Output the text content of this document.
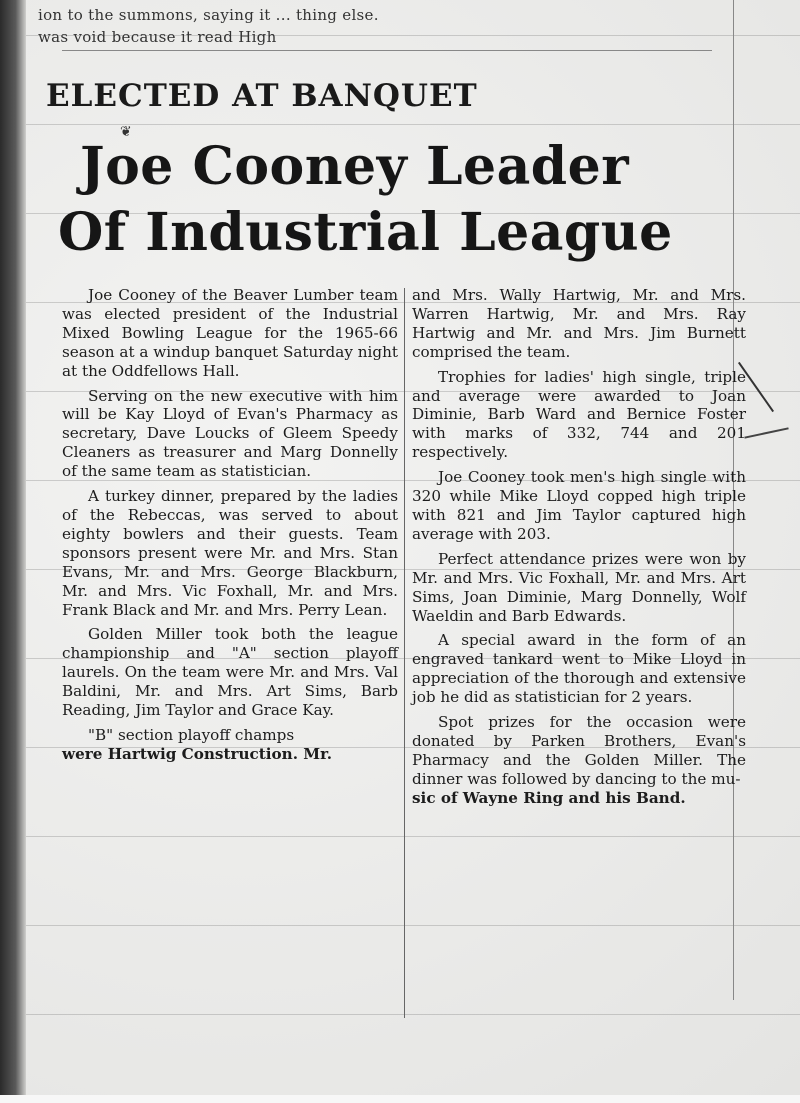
ion to the summons, saying it ... thing else.
was void because it read High
ELECTED AT BANQUET
❦
Joe Cooney Leader
Of Industrial League

Joe Cooney of the Beaver Lumber team was elected president of the Industrial Mixed Bowling League for the 1965-66 season at a windup banquet Saturday night at the Oddfellows Hall.

Serving on the new executive with him will be Kay Lloyd of Evan's Pharmacy as secretary, Dave Loucks of Gleem Speedy Cleaners as treasurer and Marg Donnelly of the same team as statistician.

A turkey dinner, prepared by the ladies of the Rebeccas, was served to about eighty bowlers and their guests. Team sponsors present were Mr. and Mrs. Stan Evans, Mr. and Mrs. George Blackburn, Mr. and Mrs. Vic Foxhall, Mr. and Mrs. Frank Black and Mr. and Mrs. Perry Lean.

Golden Miller took both the league championship and "A" section playoff laurels. On the team were Mr. and Mrs. Val Baldini, Mr. and Mrs. Art Sims, Barb Reading, Jim Taylor and Grace Kay.

"B" section playoff champs

were Hartwig Construction. Mr.

and Mrs. Wally Hartwig, Mr. and Mrs. Warren Hartwig, Mr. and Mrs. Ray Hartwig and Mr. and Mrs. Jim Burnett comprised the team.

Trophies for ladies' high single, triple and average were awarded to Joan Diminie, Barb Ward and Bernice Foster with marks of 332, 744 and 201 respectively.

Joe Cooney took men's high single with 320 while Mike Lloyd copped high triple with 821 and Jim Taylor captured high average with 203.

Perfect attendance prizes were won by Mr. and Mrs. Vic Foxhall, Mr. and Mrs. Art Sims, Joan Diminie, Marg Donnelly, Wolf Waeldin and Barb Edwards.

A special award in the form of an engraved tankard went to Mike Lloyd in appreciation of the thorough and extensive job he did as statistician for 2 years.

Spot prizes for the occasion were donated by Parken Brothers, Evan's Pharmacy and the Golden Miller. The dinner was followed by dancing to the mu-

sic of Wayne Ring and his Band.
